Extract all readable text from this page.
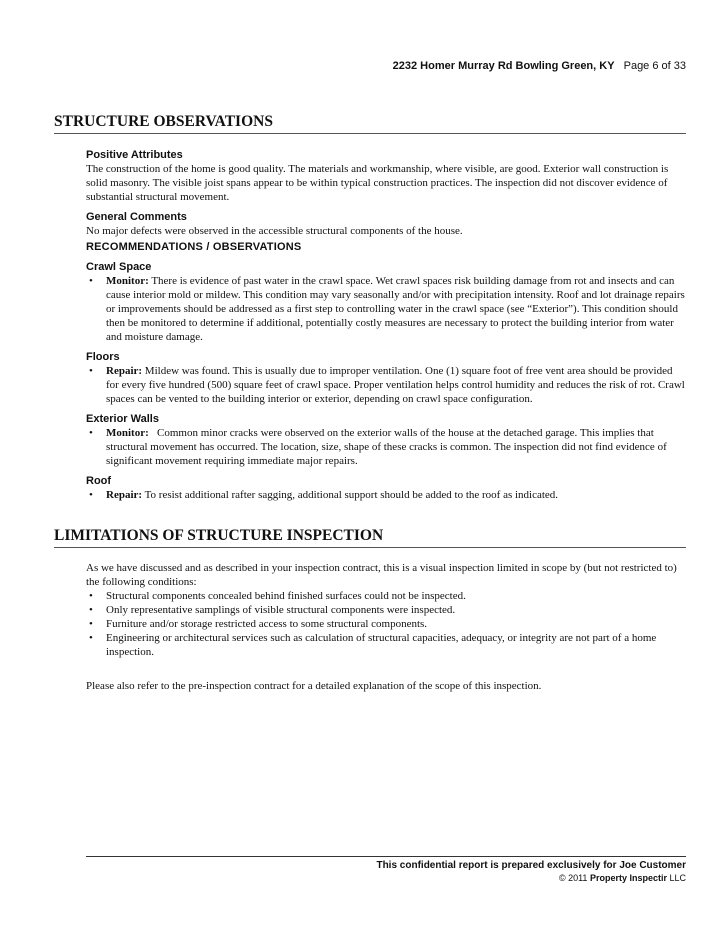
2232 Homer Murray Rd Bowling Green, KY Page 6 of 33
STRUCTURE OBSERVATIONS
Positive Attributes

The construction of the home is good quality. The materials and workmanship, where visible, are good. Exterior wall construction is solid masonry. The visible joist spans appear to be within typical construction practices. The inspection did not discover evidence of substantial structural movement.

General Comments

No major defects were observed in the accessible structural components of the house.

RECOMMENDATIONS / OBSERVATIONS
Crawl Space
• Monitor: There is evidence of past water in the crawl space. Wet crawl spaces risk building damage from rot and insects and can cause interior mold or mildew. This condition may vary seasonally and/or with precipitation intensity. Roof and lot drainage repairs or improvements should be addressed as a first step to controlling water in the crawl space (see “Exterior”). This condition should then be monitored to determine if additional, potentially costly measures are necessary to protect the building interior from water and moisture damage.
Floors
• Repair: Mildew was found. This is usually due to improper ventilation. One (1) square foot of free vent area should be provided for every five hundred (500) square feet of crawl space. Proper ventilation helps control humidity and reduces the risk of rot. Crawl spaces can be vented to the building interior or exterior, depending on crawl space configuration.
Exterior Walls
• Monitor:   Common minor cracks were observed on the exterior walls of the house at the detached garage. This implies that structural movement has occurred. The location, size, shape of these cracks is common. The inspection did not find evidence of significant movement requiring immediate major repairs.
Roof
• Repair: To resist additional rafter sagging, additional support should be added to the roof as indicated.
LIMITATIONS OF STRUCTURE INSPECTION

As we have discussed and as described in your inspection contract, this is a visual inspection limited in scope by (but not restricted to) the following conditions:

• Structural components concealed behind finished surfaces could not be inspected.
• Only representative samplings of visible structural components were inspected.
• Furniture and/or storage restricted access to some structural components.
• Engineering or architectural services such as calculation of structural capacities, adequacy, or integrity are not part of a home inspection.

Please also refer to the pre-inspection contract for a detailed explanation of the scope of this inspection.

This confidential report is prepared exclusively for Joe Customer
© 2011 Property Inspectir LLC
